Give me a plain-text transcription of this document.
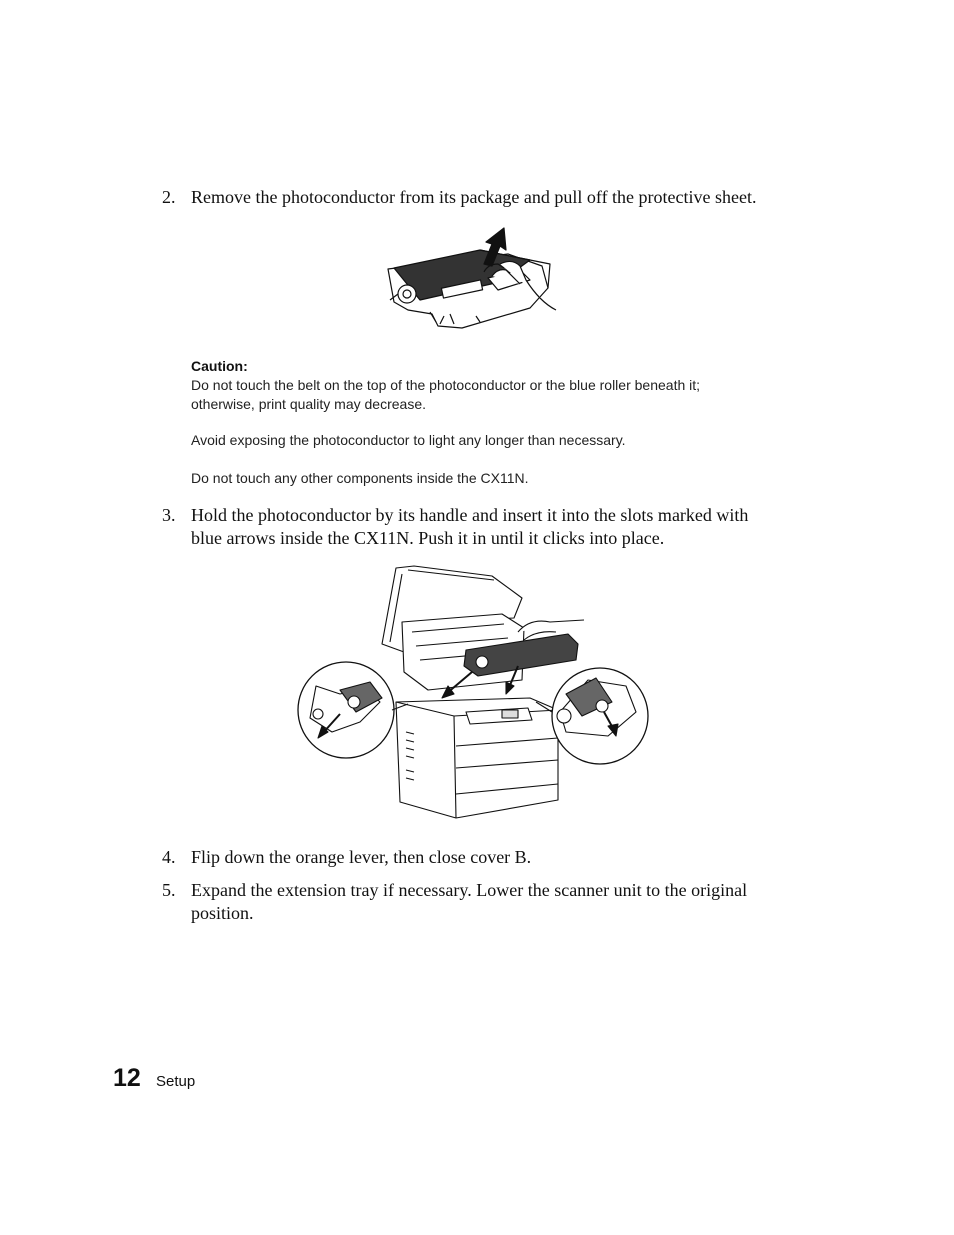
2. Remove the photoconductor from its package and pull off the protective sheet.
Caution:
Do not touch the belt on the top of the photoconductor or the blue roller beneath it; otherwise, print quality may decrease.
Avoid exposing the photoconductor to light any longer than necessary.
Do not touch any other components inside the CX11N.
3. Hold the photoconductor by its handle and insert it into the slots marked with blue arrows inside the CX11N. Push it in until it clicks into place.
4. Flip down the orange lever, then close cover B.
5. Expand the extension tray if necessary. Lower the scanner unit to the original position.
12 Setup
